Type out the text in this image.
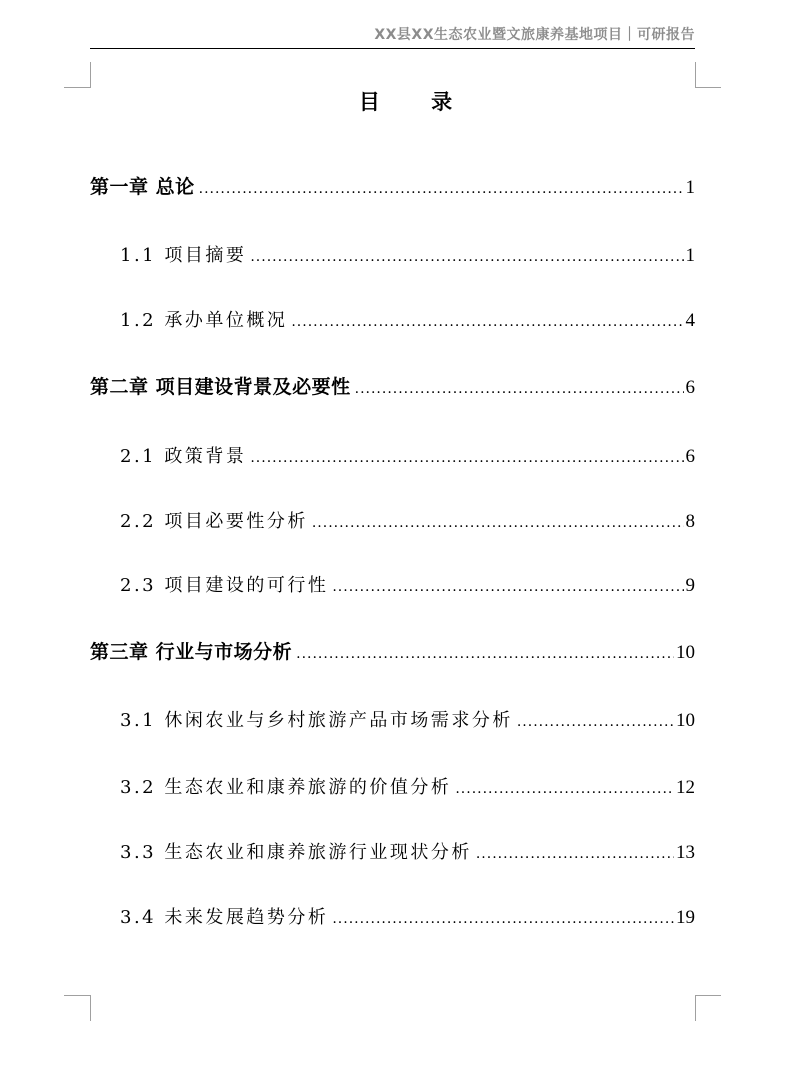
XX县XX生态农业暨文旅康养基地项目｜可研报告
目 录
第一章 总论 .....	1
1.1 项目摘要 .....	1
1.2 承办单位概况 .....	4
第二章 项目建设背景及必要性 .....	6
2.1 政策背景 .....	6
2.2 项目必要性分析 .....	8
2.3 项目建设的可行性 .....	9
第三章 行业与市场分析 .....	10
3.1 休闲农业与乡村旅游产品市场需求分析 .....	10
3.2 生态农业和康养旅游的价值分析 .....	12
3.3 生态农业和康养旅游行业现状分析 .....	13
3.4 未来发展趋势分析 .....	19
